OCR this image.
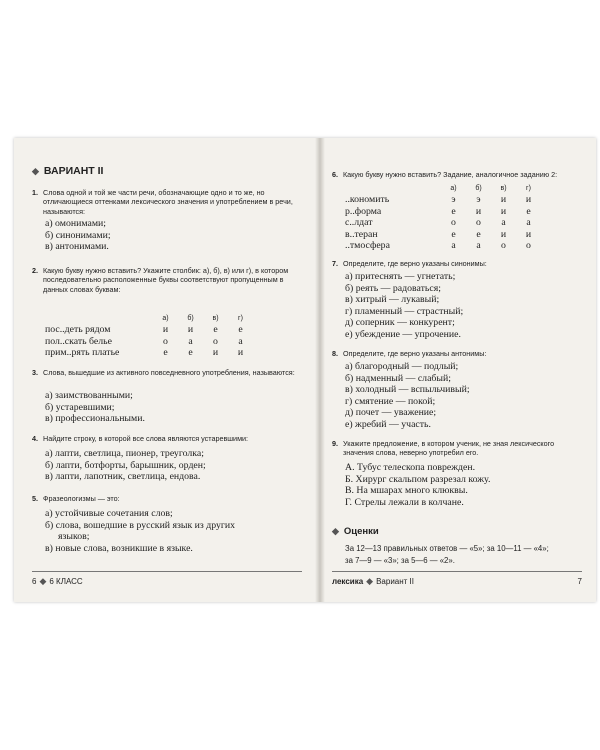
◆ ВАРИАНТ II
1. Слова одной и той же части речи, обозначающие одно и то же, но отличающиеся оттенками лексического значения и употреблением в речи, называются:
а) омонимами;
б) синонимами;
в) антонимами.
2. Какую букву нужно вставить? Укажите столбик: а), б), в) или г), в котором последовательно расположенные буквы соответствуют пропущенным в данных словах буквам:
а)	б)	в)	г)
пос..деть рядом	и	и	е	е
пол..скать белье	о	а	о	а
прим..рять платье	е	е	и	и
3. Слова, вышедшие из активного повседневного употребления, называются:
а) заимствованными;
б) устаревшими;
в) профессиональными.
4. Найдите строку, в которой все слова являются устаревшими:
а) лапти, светлица, пионер, треуголка;
б) лапти, ботфорты, барышник, орден;
в) лапти, лапотник, светлица, ендова.
5. Фразеологизмы — это:
а) устойчивые сочетания слов;
б) слова, вошедшие в русский язык из других
языков;
в) новые слова, возникшие в языке.
6 ◆ 6 КЛАСС
6. Какую букву нужно вставить? Задание, аналогичное заданию 2:
а)	б)	в)	г)
..кономить	э	э	и	и
р..форма	е	и	и	е
с..лдат	о	о	а	а
в..теран	е	е	и	и
..тмосфера	а	а	о	о
7. Определите, где верно указаны синонимы:
а) притеснять — угнетать;
б) реять — радоваться;
в) хитрый — лукавый;
г) пламенный — страстный;
д) соперник — конкурент;
е) убеждение — упрочение.
8. Определите, где верно указаны антонимы:
а) благородный — подлый;
б) надменный — слабый;
в) холодный — вспыльчивый;
г) смятение — покой;
д) почет — уважение;
е) жребий — участь.
9. Укажите предложение, в котором ученик, не зная лексического значения слова, неверно употребил его.
А. Тубус телескопа поврежден.
Б. Хирург скальпом разрезал кожу.
В. На мшарах много клюквы.
Г. Стрелы лежали в колчане.
◆ Оценки
За 12—13 правильных ответов — «5»; за 10—11 — «4»;
за 7—9 — «3»; за 5—6 — «2».
лексика ◆ Вариант II	7
